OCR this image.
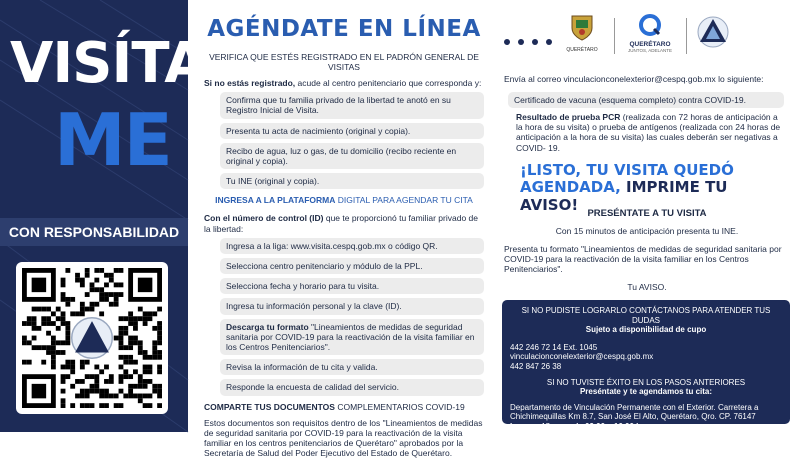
VISÍTA
ME
CON RESPONSABILIDAD
AGÉNDATE EN LÍNEA
VERIFICA QUE ESTÉS REGISTRADO EN EL PADRÓN GENERAL DE VISITAS
Si no estás registrado, acude al centro penitenciario que corresponda y:
Confirma que tu familia privado de la libertad te anotó en su Registro Inicial de Visita.
Presenta tu acta de nacimiento (original y copia).
Recibo de agua, luz o gas, de tu domicilio (recibo reciente en original y copia).
Tu INE (original y copia).
INGRESA A LA PLATAFORMA DIGITAL PARA AGENDAR TU CITA
Con el número de control (ID) que te proporcionó tu familiar privado de la libertad:
Ingresa a la liga: www.visita.cespq.gob.mx o código QR.
Selecciona centro penitenciario y módulo de la PPL.
Selecciona fecha y horario para tu visita.
Ingresa tu información personal y la clave (ID).
Descarga tu formato "Lineamientos de medidas de seguridad sanitaria por COVID-19 para la reactivación de la visita familiar en los Centros Penitenciarios".
Revisa la información de tu cita y valida.
Responde la encuesta de calidad del servicio.
COMPARTE TUS DOCUMENTOS COMPLEMENTARIOS COVID-19
Estos documentos son requisitos dentro de los "Lineamientos de medidas de seguridad sanitaria por COVID-19 para la reactivación de la visita familiar en los centros penitenciarios de Querétaro" aprobados por la Secretaría de Salud del Poder Ejecutivo del Estado de Querétaro.
QUERÉTARO
QUERÉTARO
JUNTOS, ADELANTE
Envía al correo vinculacionconelexterior@cespq.gob.mx lo siguiente:
Certificado de vacuna (esquema completo) contra COVID-19.
Resultado de prueba PCR (realizada con 72 horas de anticipación a la hora de su visita) o prueba de antígenos (realizada con 24 horas de anticipación a la hora de su visita) las cuales deberán ser negativas a COVID- 19.
¡LISTO, TU VISITA QUEDÓ
AGENDADA, IMPRIME TU AVISO! PRESÉNTATE A TU VISITA
Con 15 minutos de anticipación presenta tu INE.
Presenta tu formato "Lineamientos de medidas de seguridad sanitaria por COVID-19 para la reactivación de la visita familiar en los Centros Penitenciarios".
Tu AVISO.
SI NO PUDISTE LOGRARLO CONTÁCTANOS PARA ATENDER TUS DUDAS
Sujeto a disponibilidad de cupo
442 246 72 14 Ext. 1045
vinculacionconelexterior@cespq.gob.mx
442 847 26 38
SI NO TUVISTE ÉXITO EN LOS PASOS ANTERIORES
Preséntate y te agendamos tu cita:
Departamento de Vinculación Permanente con el Exterior. Carretera a Chichimequillas Km 8.7, San José El Alto, Querétaro, Qro. CP. 76147
Lunes a Viernes de 09.00 a 16.00 horas
